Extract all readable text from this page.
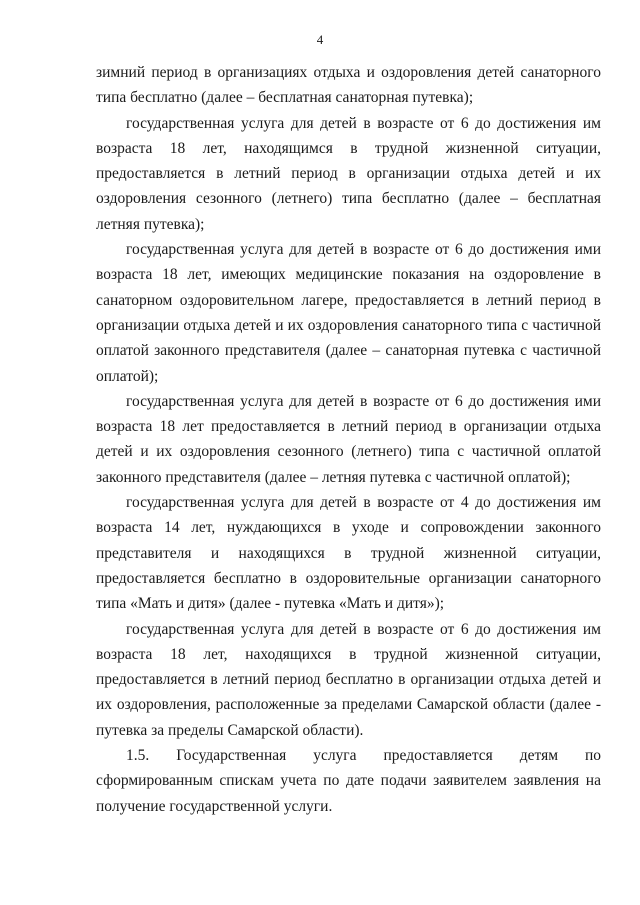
4

зимний период в организациях отдыха и оздоровления детей санаторного типа бесплатно (далее – бесплатная санаторная путевка);

государственная услуга для детей в возрасте от 6 до достижения им возраста 18 лет, находящимся в трудной жизненной ситуации, предоставляется в летний период в организации отдыха детей и их оздоровления сезонного (летнего) типа бесплатно (далее – бесплатная летняя путевка);

государственная услуга для детей в возрасте от 6 до достижения ими возраста 18 лет, имеющих медицинские показания на оздоровление в санаторном оздоровительном лагере, предоставляется в летний период в организации отдыха детей и их оздоровления санаторного типа с частичной оплатой законного представителя (далее – санаторная путевка с частичной оплатой);

государственная услуга для детей в возрасте от 6 до достижения ими возраста 18 лет предоставляется в летний период в организации отдыха детей и их оздоровления сезонного (летнего) типа с частичной оплатой законного представителя (далее – летняя путевка с частичной оплатой);

государственная услуга для детей в возрасте от 4 до достижения им возраста 14 лет, нуждающихся в уходе и сопровождении законного представителя и находящихся в трудной жизненной ситуации, предоставляется бесплатно в оздоровительные организации санаторного типа «Мать и дитя» (далее - путевка «Мать и дитя»);

государственная услуга для детей в возрасте от 6 до достижения им возраста 18 лет, находящихся в трудной жизненной ситуации, предоставляется в летний период бесплатно в организации отдыха детей и их оздоровления, расположенные за пределами Самарской области (далее - путевка за пределы Самарской области).

1.5. Государственная услуга предоставляется детям по сформированным спискам учета по дате подачи заявителем заявления на получение государственной услуги.
